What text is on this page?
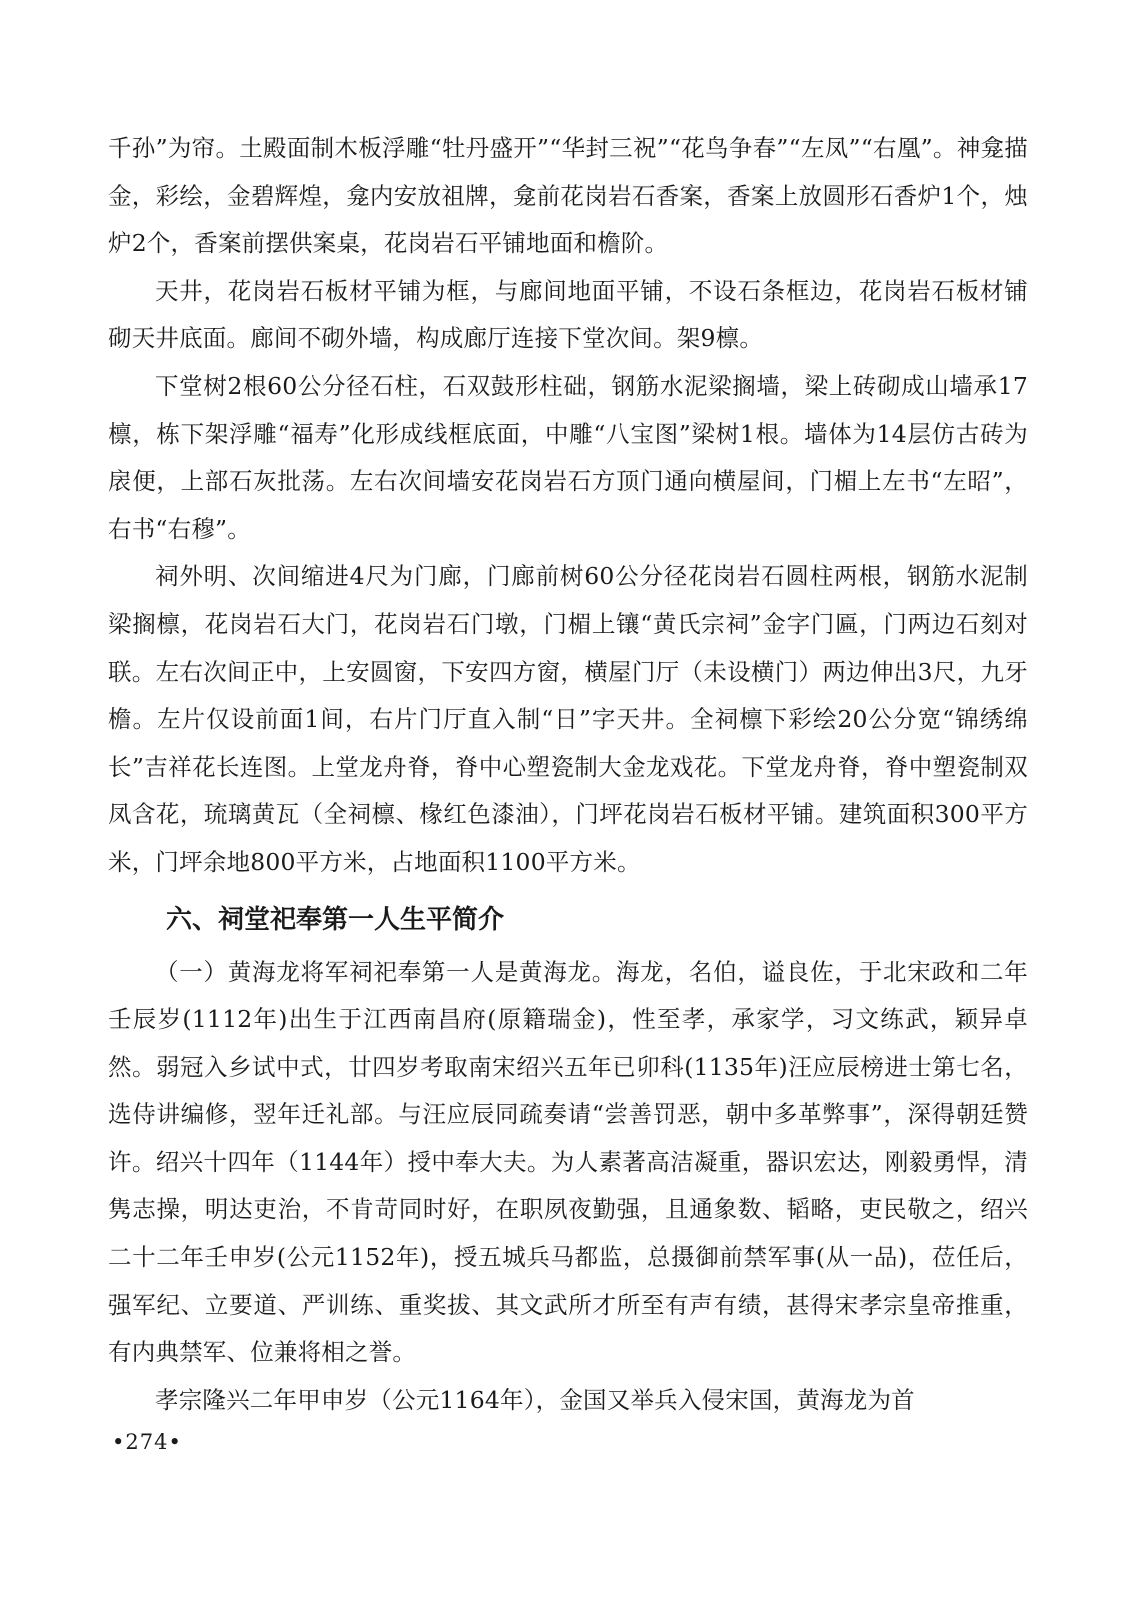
千孙”为帘。土殿面制木板浮雕“牡丹盛开”“华封三祝”“花鸟争春”“左凤”“右凰”。神龛描金，彩绘，金碧辉煌，龛内安放祖牌，龛前花岗岩石香案，香案上放圆形石香炉1个，烛炉2个，香案前摆供案桌，花岗岩石平铺地面和檐阶。

天井，花岗岩石板材平铺为框，与廊间地面平铺，不设石条框边，花岗岩石板材铺砌天井底面。廊间不砌外墙，构成廊厅连接下堂次间。架9檩。

下堂树2根60公分径石柱，石双鼓形柱础，钢筋水泥梁搁墙，梁上砖砌成山墙承17檩，栋下架浮雕“福寿”化形成线框底面，中雕“八宝图”梁树1根。墙体为14层仿古砖为扆便，上部石灰批荡。左右次间墙安花岗岩石方顶门通向横屋间，门楣上左书“左昭”，右书“右穆”。

祠外明、次间缩进4尺为门廊，门廊前树60公分径花岗岩石圆柱两根，钢筋水泥制梁搁檩，花岗岩石大门，花岗岩石门墩，门楣上镶“黄氏宗祠”金字门匾，门两边石刻对联。左右次间正中，上安圆窗，下安四方窗，横屋门厅（未设横门）两边伸出3尺，九牙檐。左片仅设前面1间，右片门厅直入制“日”字天井。全祠檩下彩绘20公分宽“锦绣绵长”吉祥花长连图。上堂龙舟脊，脊中心塑瓷制大金龙戏花。下堂龙舟脊，脊中塑瓷制双凤含花，琉璃黄瓦（全祠檩、椽红色漆油），门坪花岗岩石板材平铺。建筑面积300平方米，门坪余地800平方米，占地面积1100平方米。

六、祠堂祀奉第一人生平简介

（一）黄海龙将军祠祀奉第一人是黄海龙。海龙，名伯，谥良佐，于北宋政和二年壬辰岁(1112年)出生于江西南昌府(原籍瑞金)，性至孝，承家学，习文练武，颖异卓然。弱冠入乡试中式，廿四岁考取南宋绍兴五年已卯科(1135年)汪应辰榜进士第七名，选侍讲编修，翌年迁礼部。与汪应辰同疏奏请“尝善罚恶，朝中多革弊事”，深得朝廷赞许。绍兴十四年（1144年）授中奉大夫。为人素著高洁凝重，器识宏达，刚毅勇悍，清隽志操，明达吏治，不肯苛同时好，在职夙夜勤强，且通象数、韬略，吏民敬之，绍兴二十二年壬申岁(公元1152年)，授五城兵马都监，总摄御前禁军事(从一品)，莅任后，强军纪、立要道、严训练、重奖拔、其文武所才所至有声有绩，甚得宋孝宗皇帝推重，有内典禁军、位兼将相之誉。

孝宗隆兴二年甲申岁（公元1164年），金国又举兵入侵宋国，黄海龙为首

•274•
